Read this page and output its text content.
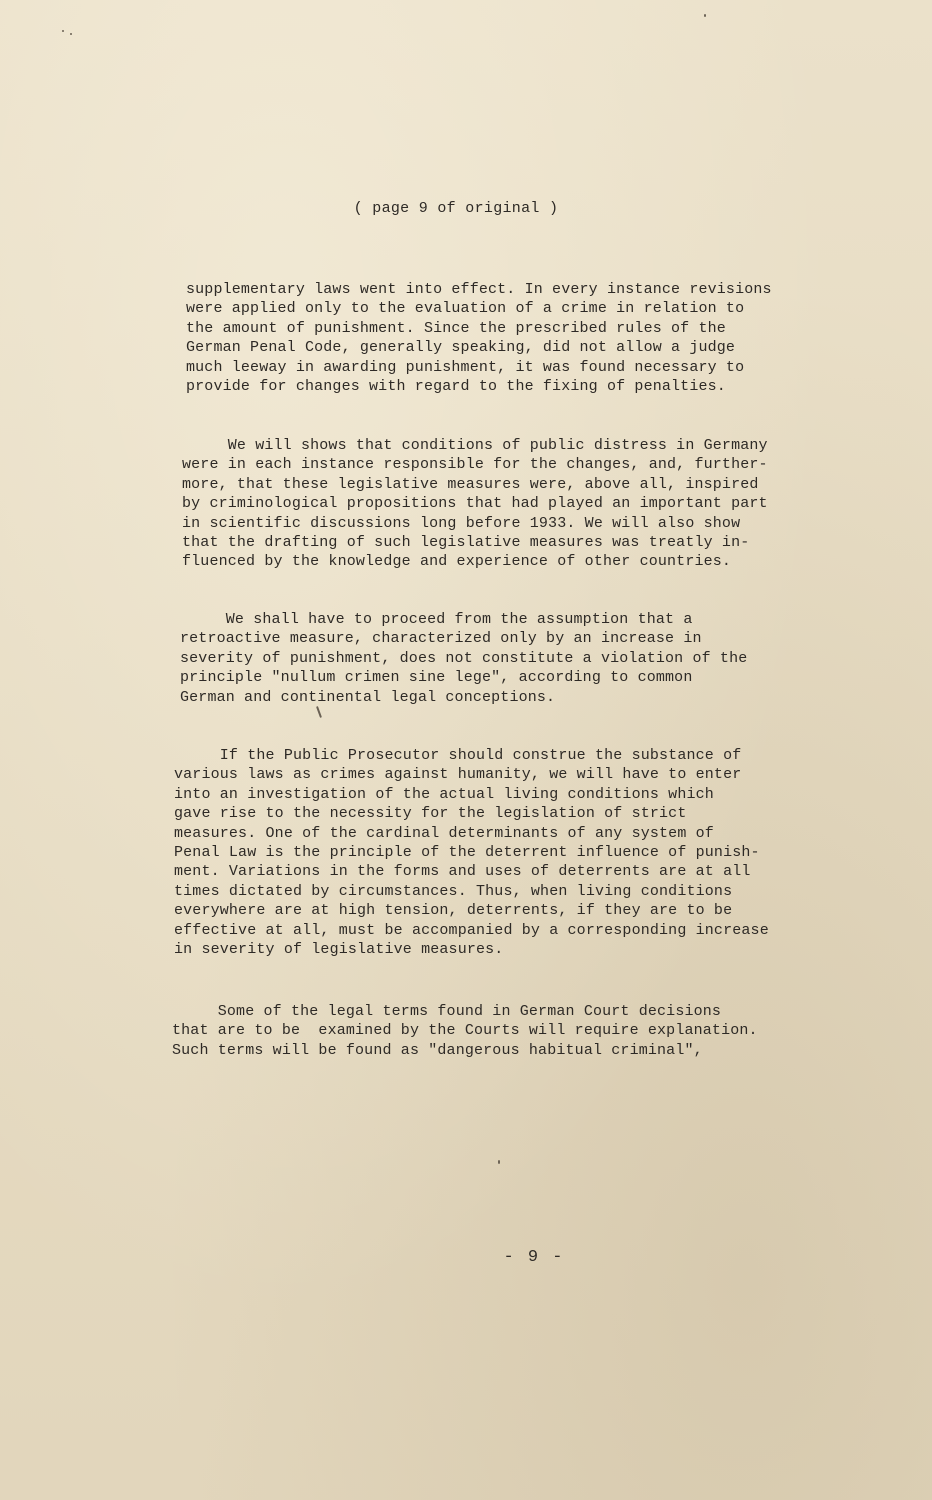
( page 9 of original )
supplementary laws went into effect. In every instance revisions
were applied only to the evaluation of a crime in relation to
the amount of punishment. Since the prescribed rules of the
German Penal Code, generally speaking, did not allow a judge
much leeway in awarding punishment, it was found necessary to
provide for changes with regard to the fixing of penalties.
We will shows that conditions of public distress in Germany
were in each instance responsible for the changes, and, further-
more, that these legislative measures were, above all, inspired
by criminological propositions that had played an important part
in scientific discussions long before 1933. We will also show
that the drafting of such legislative measures was treatly in-
fluenced by the knowledge and experience of other countries.
We shall have to proceed from the assumption that a
retroactive measure, characterized only by an increase in
severity of punishment, does not constitute a violation of the
principle "nullum crimen sine lege", according to common
German and continental legal conceptions.
If the Public Prosecutor should construe the substance of
various laws as crimes against humanity, we will have to enter
into an investigation of the actual living conditions which
gave rise to the necessity for the legislation of strict
measures. One of the cardinal determinants of any system of
Penal Law is the principle of the deterrent influence of punish-
ment. Variations in the forms and uses of deterrents are at all
times dictated by circumstances. Thus, when living conditions
everywhere are at high tension, deterrents, if they are to be
effective at all, must be accompanied by a corresponding increase
in severity of legislative measures.
Some of the legal terms found in German Court decisions
that are to be  examined by the Courts will require explanation.
Such terms will be found as "dangerous habitual criminal",
- 9 -
